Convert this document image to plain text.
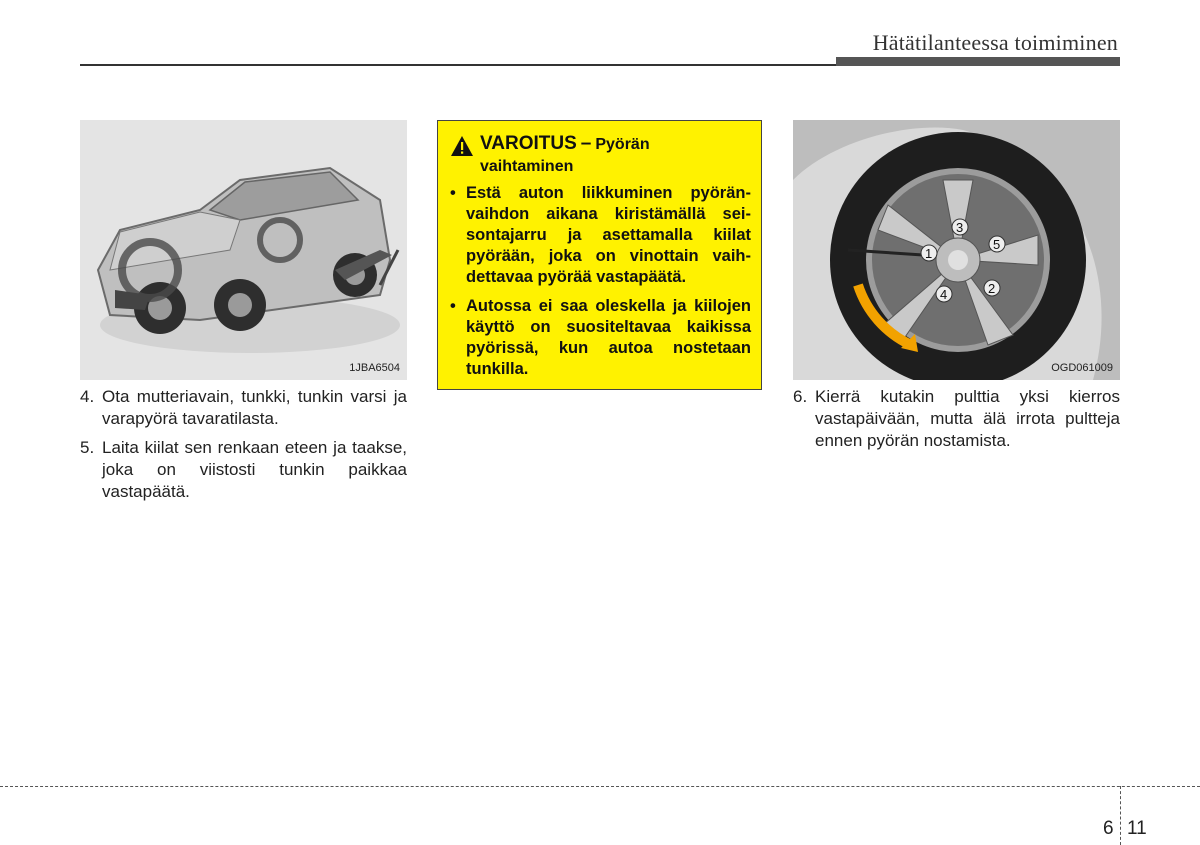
Hätätilanteessa toimiminen
1JBA6504
4. Ota mutteriavain, tunkki, tunkin varsi ja varapyörä tavaratilasta.
5. Laita kiilat sen renkaan eteen ja taakse, joka on viistosti tunkin paikkaa vastapäätä.
VAROITUS – Pyörän
vaihtaminen
• Estä auton liikkuminen pyöränvaihdon aikana kiristämällä seisontajarru ja asettamalla kiilat pyörään, joka on vinottain vaihdettavaa pyörää vastapäätä.
• Autossa ei saa oleskella ja kiilojen käyttö on suositeltavaa kaikissa pyörissä, kun autoa nostetaan tunkilla.
1
2
3
4
5
OGD061009
6. Kierrä kutakin pulttia yksi kierros vastapäivään, mutta älä irrota pultteja ennen pyörän nostamista.
6 11
